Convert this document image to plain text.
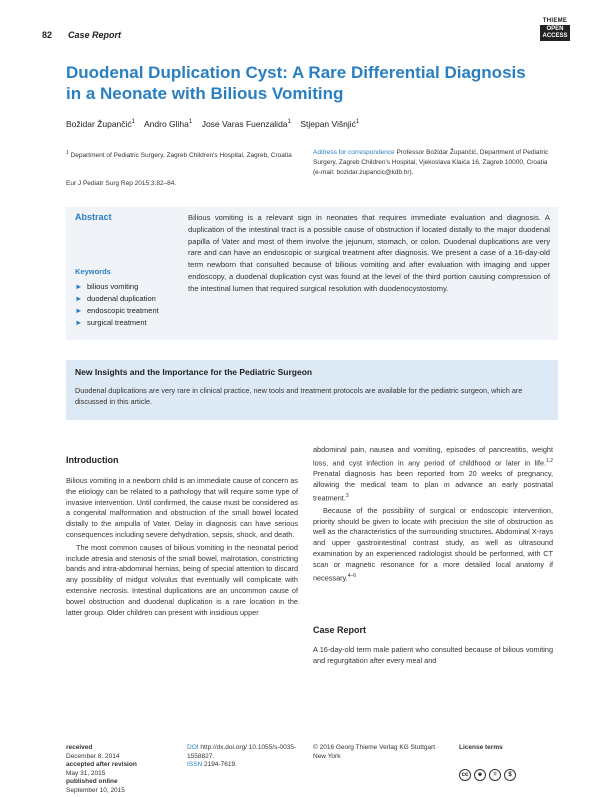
82 Case Report
THIEME
OPEN
ACCESS
Duodenal Duplication Cyst: A Rare Differential Diagnosis in a Neonate with Bilious Vomiting
Božidar Župančić$^1$ Andro Gliha$^1$ Jose Varas Fuenzalida$^1$ Stjepan Višnjić$^1$
$^1$ Department of Pediatric Surgery, Zagreb Children's Hospital, Zagreb, Croatia	Address for correspondence Professor Božidar Župančić, Department of Pediatric Surgery, Zagreb Children's Hospital, Vjekoslava Klaića 16, Zagreb 10000, Croatia (e-mail: bozidar.zupancic@kdb.hr).
Eur J Pediatr Surg Rep 2015;3:82–84.
Abstract
Keywords
► bilious vomiting
► duodenal duplication
► endoscopic treatment
► surgical treatment
Bilious vomiting is a relevant sign in neonates that requires immediate evaluation and diagnosis. A duplication of the intestinal tract is a possible cause of obstruction if located distally to the major duodenal papilla of Vater and most of them involve the jejunum, stomach, or colon. Duodenal duplications are very rare and can have an endoscopic or surgical treatment after diagnosis. We present a case of a 16-day-old term newborn that consulted because of bilious vomiting and after evaluation with imaging and upper endoscopy, a duodenal duplication cyst was found at the level of the third portion causing compression of the intestinal lumen that required surgical resolution with duodenocystostomy.
New Insights and the Importance for the Pediatric Surgeon
Duodenal duplications are very rare in clinical practice, new tools and treatment protocols are available for the pediatric surgeon, which are discussed in this article.
Introduction

Bilious vomiting in a newborn child is an immediate cause of concern as the etiology can be related to a pathology that will require some type of invasive intervention. Until confirmed, the cause must be considered as a congenital malformation and obstruction of the small bowel located distally to the ampulla of Vater. Delay in diagnosis can have serious consequences including severe dehydration, sepsis, shock, and death.

The most common causes of bilious vomiting in the neonatal period include atresia and stenosis of the small bowel, malrotation, constricting bands and intra-abdominal hernias, being of special attention to discard any possibility of midgut volvulus that eventually will complicate with extensive necrosis. Intestinal duplications are an uncommon cause of bowel obstruction and duodenal duplication is a rare location in the latter group. Older children can present with insidious upper

abdominal pain, nausea and vomiting, episodes of pancreatitis, weight loss, and cyst infection in any period of childhood or later in life.$^{1,2}$ Prenatal diagnosis has been reported from 20 weeks of pregnancy, allowing the medical team to plan in advance an early postnatal treatment.$^3$

Because of the possibility of surgical or endoscopic intervention, priority should be given to locate with precision the site of obstruction as well as the characteristics of the surrounding structures. Abdominal X-rays and upper gastrointestinal contrast study, as well as ultrasound examination by an experienced radiologist should be performed, with CT scan or magnetic resonance for a more detailed local anatomy if necessary.$^{4-6}$

Case Report
A 16-day-old term male patient who consulted because of bilious vomiting and regurgitation after every meal and
received
December 8, 2014
accepted after revision
May 31, 2015
published online
September 10, 2015
DOI http://dx.doi.org/ 10.1055/s-0035-1558827.
ISSN 2194-7619.
© 2016 Georg Thieme Verlag KG Stuttgart · New York
License terms
cc	☻	=	$
